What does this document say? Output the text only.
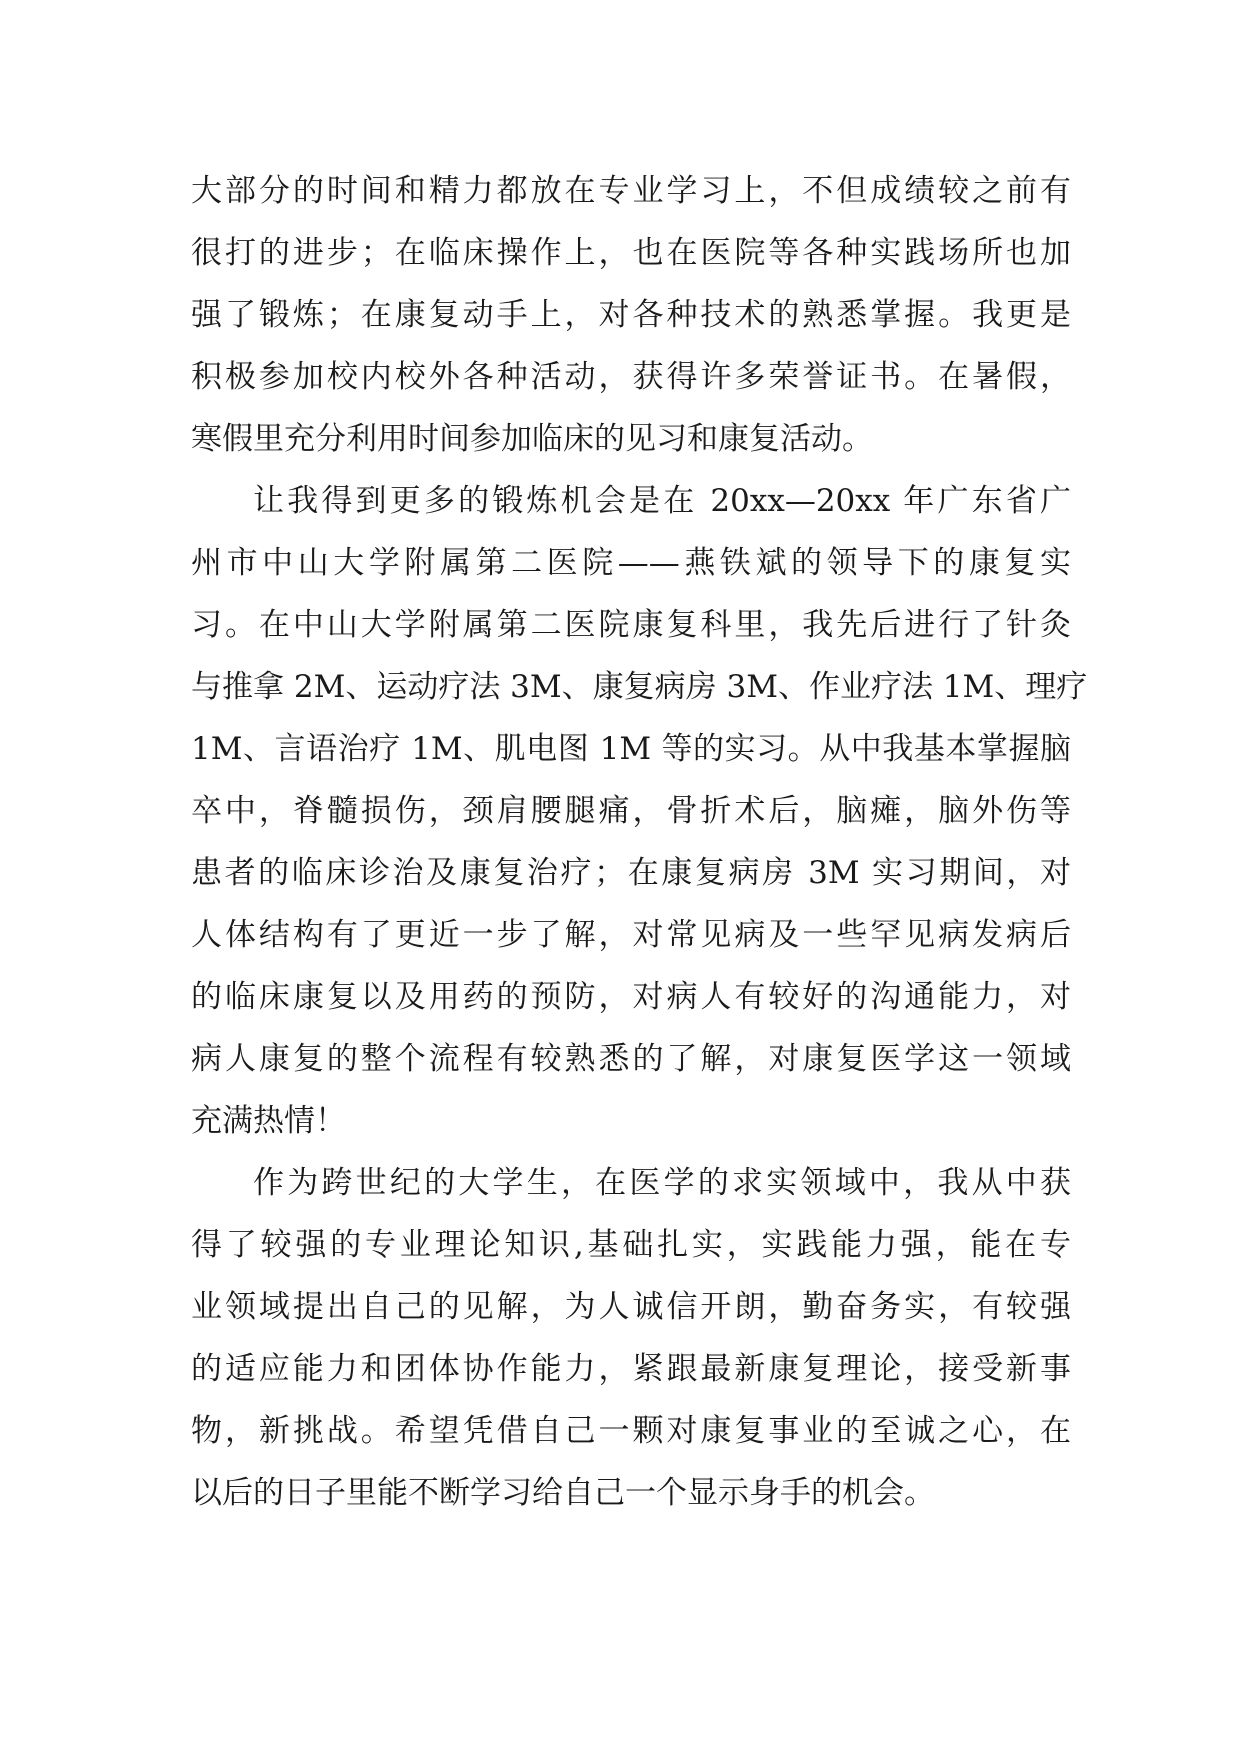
大部分的时间和精力都放在专业学习上，不但成绩较之前有
很打的进步；在临床操作上，也在医院等各种实践场所也加
强了锻炼；在康复动手上，对各种技术的熟悉掌握。我更是
积极参加校内校外各种活动，获得许多荣誉证书。在暑假，
寒假里充分利用时间参加临床的见习和康复活动。
让我得到更多的锻炼机会是在 20xx—20xx 年广东省广
州市中山大学附属第二医院——燕铁斌的领导下的康复实
习。在中山大学附属第二医院康复科里，我先后进行了针灸
与推拿 2M、运动疗法 3M、康复病房 3M、作业疗法 1M、理疗
1M、言语治疗 1M、肌电图 1M 等的实习。从中我基本掌握脑
卒中，脊髓损伤，颈肩腰腿痛，骨折术后，脑瘫，脑外伤等
患者的临床诊治及康复治疗；在康复病房 3M 实习期间，对
人体结构有了更近一步了解，对常见病及一些罕见病发病后
的临床康复以及用药的预防，对病人有较好的沟通能力，对
病人康复的整个流程有较熟悉的了解，对康复医学这一领域
充满热情！
作为跨世纪的大学生，在医学的求实领域中，我从中获
得了较强的专业理论知识,基础扎实，实践能力强，能在专
业领域提出自己的见解，为人诚信开朗，勤奋务实，有较强
的适应能力和团体协作能力，紧跟最新康复理论，接受新事
物，新挑战。希望凭借自己一颗对康复事业的至诚之心，在
以后的日子里能不断学习给自己一个显示身手的机会。
